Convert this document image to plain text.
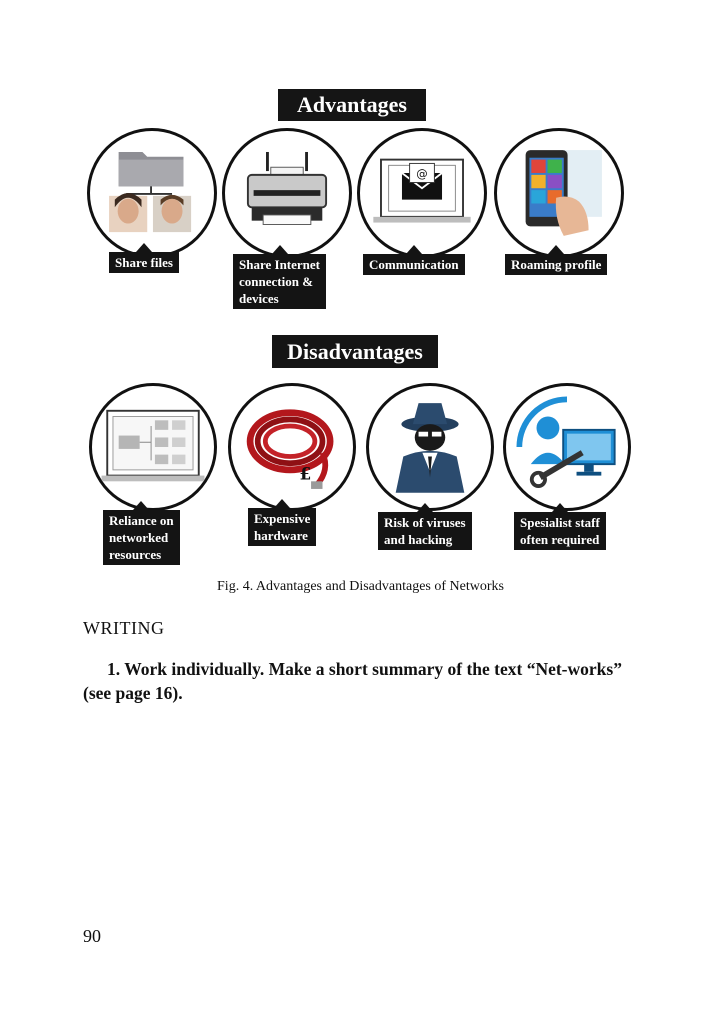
Advantages
@
Share files	Share Internet
connection &
devices
Communication	Roaming profile
Disadvantages
£
Reliance on
networked
resources
Expensive
hardware
Risk of viruses
and hacking
Spesialist staff
often required
Fig. 4. Advantages and Disadvantages of Networks
WRITING
1. Work individually. Make a short summary of the text “Net-works” (see page 16).
90
